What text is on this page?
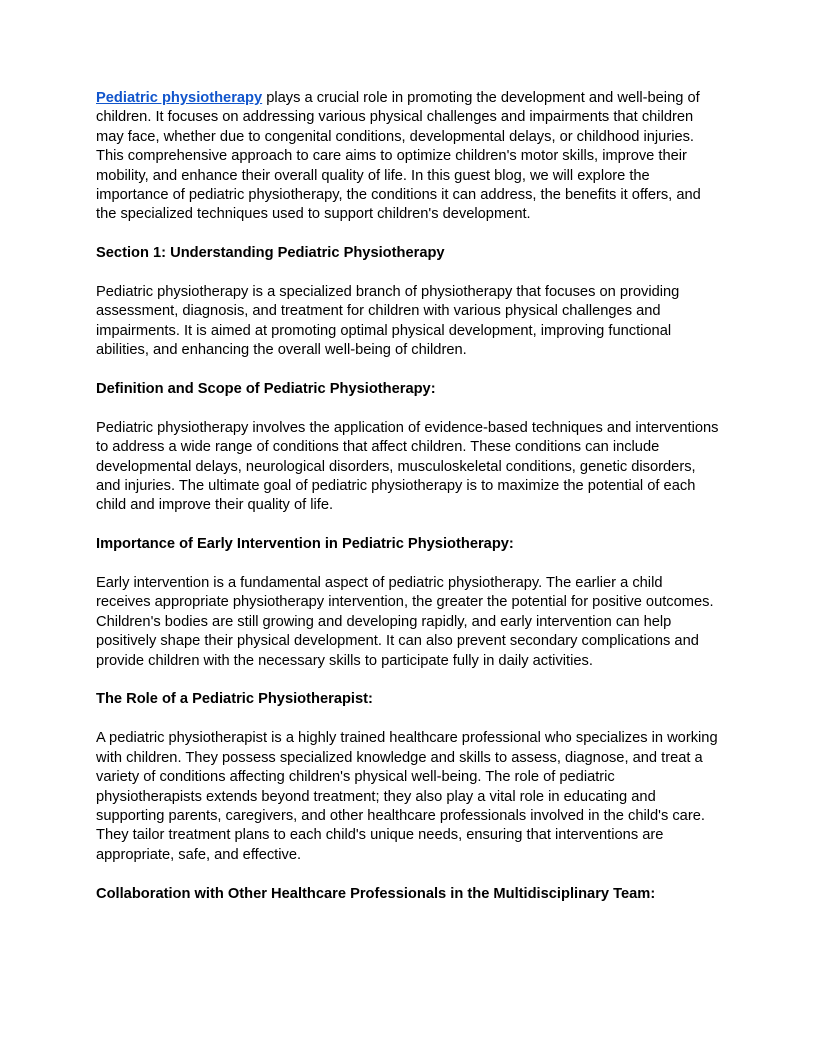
Pediatric physiotherapy plays a crucial role in promoting the development and well-being of children. It focuses on addressing various physical challenges and impairments that children may face, whether due to congenital conditions, developmental delays, or childhood injuries. This comprehensive approach to care aims to optimize children's motor skills, improve their mobility, and enhance their overall quality of life. In this guest blog, we will explore the importance of pediatric physiotherapy, the conditions it can address, the benefits it offers, and the specialized techniques used to support children's development.

Section 1: Understanding Pediatric Physiotherapy

Pediatric physiotherapy is a specialized branch of physiotherapy that focuses on providing assessment, diagnosis, and treatment for children with various physical challenges and impairments. It is aimed at promoting optimal physical development, improving functional abilities, and enhancing the overall well-being of children.

Definition and Scope of Pediatric Physiotherapy:

Pediatric physiotherapy involves the application of evidence-based techniques and interventions to address a wide range of conditions that affect children. These conditions can include developmental delays, neurological disorders, musculoskeletal conditions, genetic disorders, and injuries. The ultimate goal of pediatric physiotherapy is to maximize the potential of each child and improve their quality of life.

Importance of Early Intervention in Pediatric Physiotherapy:

Early intervention is a fundamental aspect of pediatric physiotherapy. The earlier a child receives appropriate physiotherapy intervention, the greater the potential for positive outcomes. Children's bodies are still growing and developing rapidly, and early intervention can help positively shape their physical development. It can also prevent secondary complications and provide children with the necessary skills to participate fully in daily activities.

The Role of a Pediatric Physiotherapist:

A pediatric physiotherapist is a highly trained healthcare professional who specializes in working with children. They possess specialized knowledge and skills to assess, diagnose, and treat a variety of conditions affecting children's physical well-being. The role of pediatric physiotherapists extends beyond treatment; they also play a vital role in educating and supporting parents, caregivers, and other healthcare professionals involved in the child's care. They tailor treatment plans to each child's unique needs, ensuring that interventions are appropriate, safe, and effective.

Collaboration with Other Healthcare Professionals in the Multidisciplinary Team:
